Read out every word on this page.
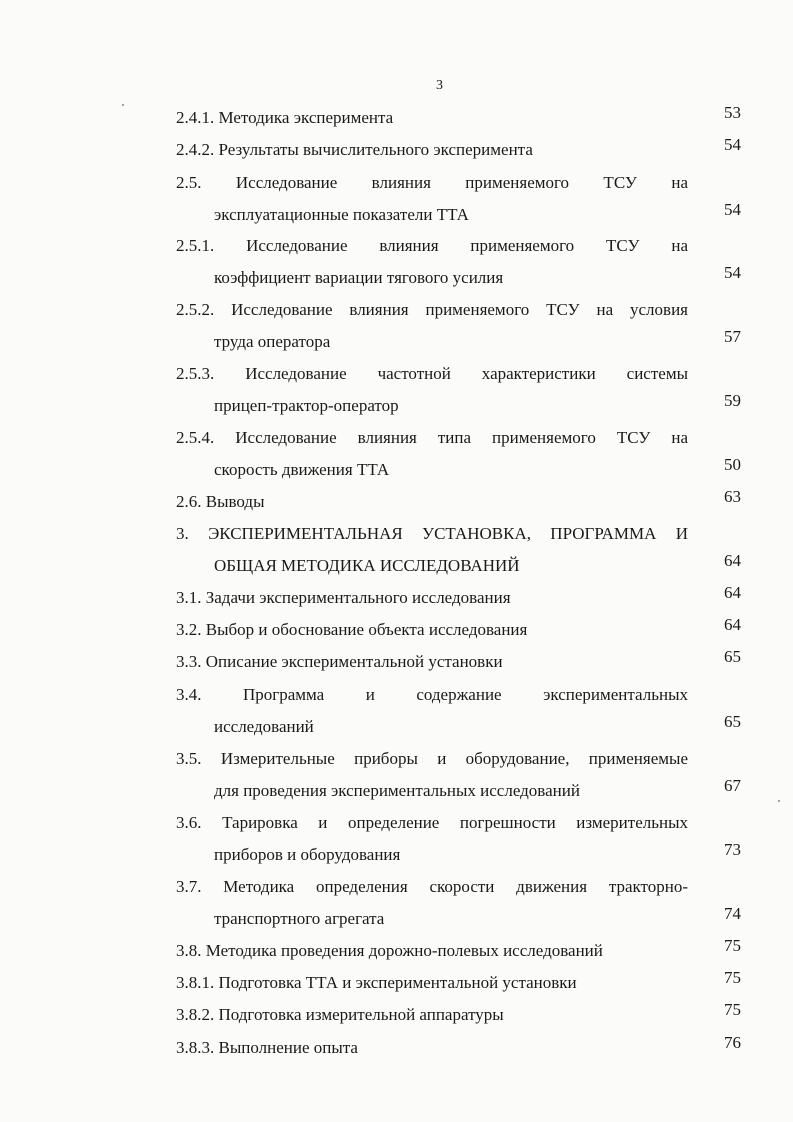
3
2.4.1. Методика эксперимента	53
2.4.2. Результаты вычислительного эксперимента	54
2.5. Исследование влияния применяемого ТСУ на
эксплуатационные показатели ТТА	54
2.5.1. Исследование влияния применяемого ТСУ на
коэффициент вариации тягового усилия	54
2.5.2. Исследование влияния применяемого ТСУ на условия
труда оператора	57
2.5.3. Исследование частотной характеристики системы
прицеп-трактор-оператор	59
2.5.4. Исследование влияния типа применяемого ТСУ на
скорость движения ТТА	50
2.6. Выводы	63
3. ЭКСПЕРИМЕНТАЛЬНАЯ УСТАНОВКА, ПРОГРАММА И
ОБЩАЯ МЕТОДИКА ИССЛЕДОВАНИЙ	64
3.1. Задачи экспериментального исследования	64
3.2. Выбор и обоснование объекта исследования	64
3.3. Описание экспериментальной установки	65
3.4. Программа и содержание экспериментальных
исследований	65
3.5. Измерительные приборы и оборудование, применяемые
для проведения экспериментальных исследований	67
3.6. Тарировка и определение погрешности измерительных
приборов и оборудования	73
3.7. Методика определения скорости движения тракторно-
транспортного агрегата	74
3.8. Методика проведения дорожно-полевых исследований	75
3.8.1. Подготовка ТТА и экспериментальной установки	75
3.8.2. Подготовка измерительной аппаратуры	75
3.8.3. Выполнение опыта	76
